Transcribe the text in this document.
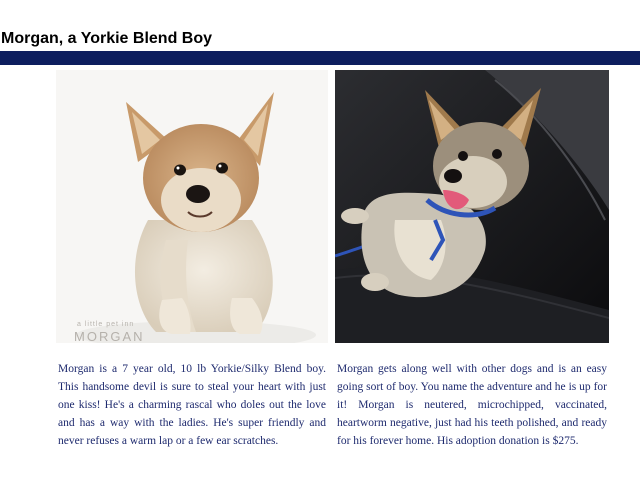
Morgan, a Yorkie Blend Boy
a little pet inn
MORGAN

Morgan is a 7 year old, 10 lb Yorkie/Silky Blend boy. This handsome devil is sure to steal your heart with just one kiss! He's a charming rascal who doles out the love and has a way with the ladies. He's super friendly and never refuses a warm lap or a few ear scratches.

Morgan gets along well with other dogs and is an easy going sort of boy. You name the adventure and he is up for it! Morgan is neutered, microchipped, vaccinated, heartworm negative, just had his teeth polished, and ready for his forever home. His adoption donation is $275.
